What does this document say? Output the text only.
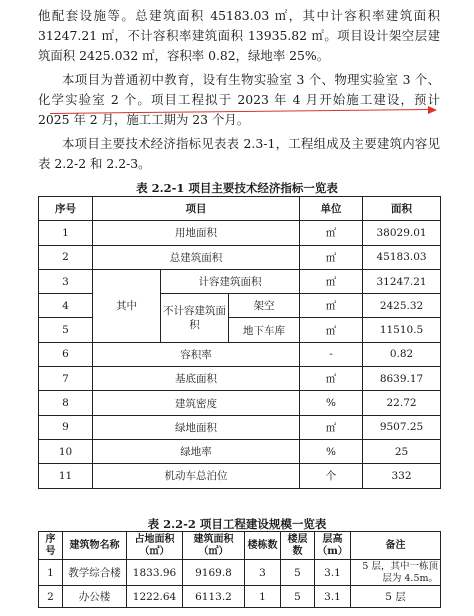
他配套设施等。总建筑面积 45183.03 ㎡，其中计容积率建筑面积 31247.21 ㎡，不计容积率建筑面积 13935.82 ㎡。项目设计架空层建筑面积 2425.032 ㎡，容积率 0.82，绿地率 25%。

本项目为普通初中教育，设有生物实验室 3 个、物理实验室 3 个、化学实验室 2 个。项目工程拟于 2023 年 4 月开始施工建设，预计 2025 年 2 月，施工工期为 23 个月。

本项目主要技术经济指标见表表 2.3-1，工程组成及主要建筑内容见表 2.2-2 和 2.2-3。

表 2.2-1 项目主要技术经济指标一览表
序号	项目			单位	面积
1	用地面积			㎡	38029.01
2	总建筑面积			㎡	45183.03
3	其中	计容建筑面积		㎡	31247.21
4		不计容建筑面积	架空	㎡	2425.32
5			地下车库	㎡	11510.5
6	容积率			-	0.82
7	基底面积			㎡	8639.17
8	建筑密度			%	22.72
9	绿地面积			㎡	9507.25
10	绿地率			%	25
11	机动车总泊位			个	332
表 2.2-2 项目工程建设规模一览表
序号	建筑物名称	占地面积（㎡）	建筑面积（㎡）	楼栋数	楼层数	层高（m）	备注
1	教学综合楼	1833.96	9169.8	3	5	3.1	5 层，其中一栋顶层为 4.5m。
2	办公楼	1222.64	6113.2	1	5	3.1	5 层
